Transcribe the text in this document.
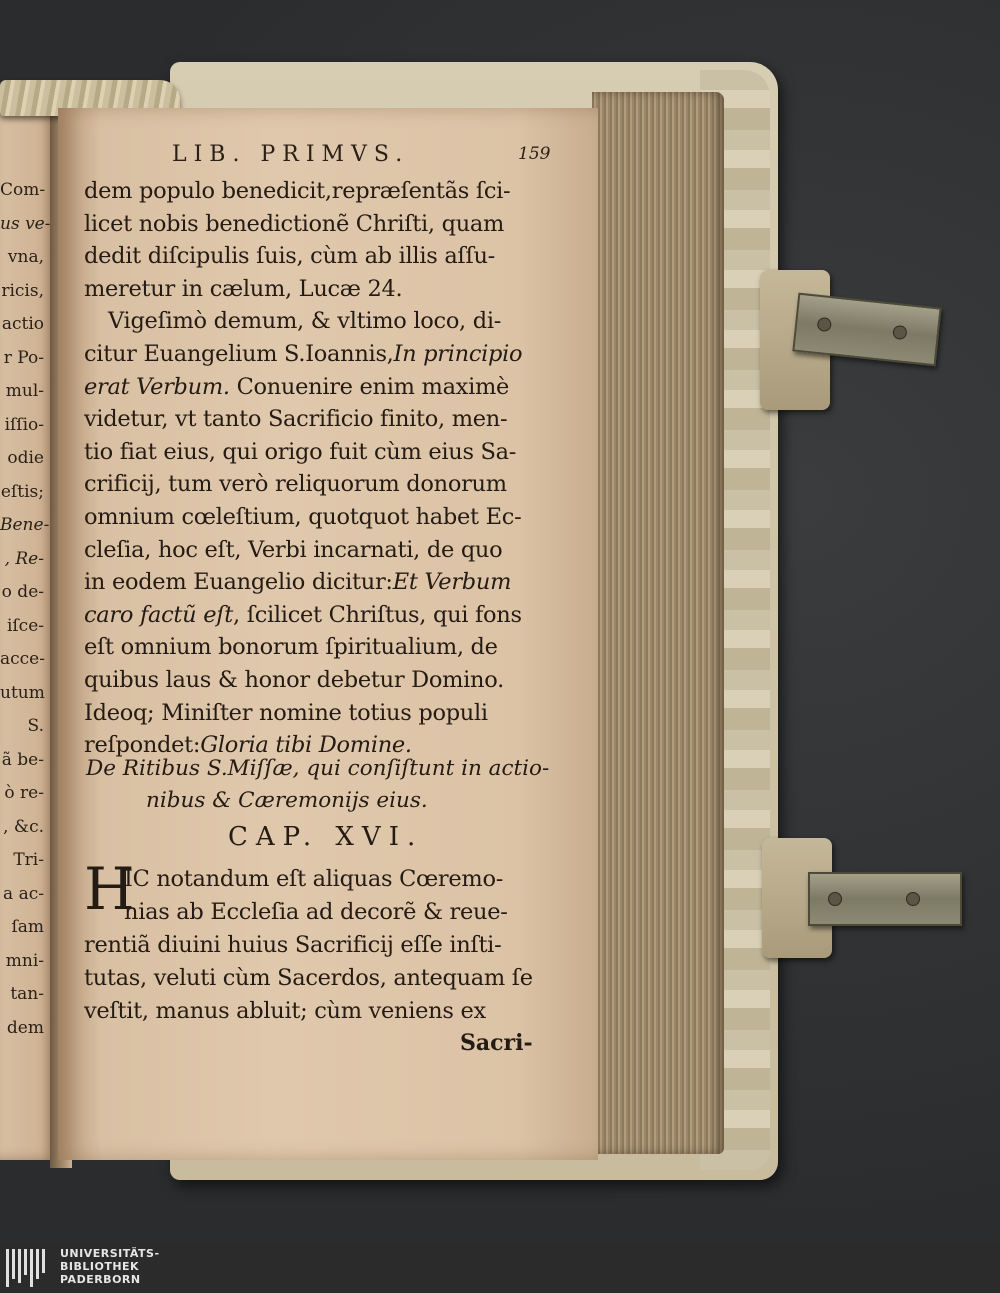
Com-
us ve-
vna,
ricis,
actio
r Po-
mul-
iſſio-
odie
eſtis;
Bene-
, Re-
o de-
iſce-
acce-
utum
S.
ã be-
ò re-
, &c.
Tri-
a ac-
ſam
mni-
tan-
dem
LIB. PRIMVS.	159
dem populo benedicit,repræſentãs ſci-
licet nobis benedictionẽ Chriſti, quam
dedit diſcipulis ſuis, cùm ab illis aſſu-
meretur in cælum, Lucæ 24.
Vigeſimò demum, & vltimo loco, di-
citur Euangelium S.Ioannis,In principio
erat Verbum. Conuenire enim maximè
videtur, vt tanto Sacrificio finito, men-
tio fiat eius, qui origo fuit cùm eius Sa-
crificij, tum verò reliquorum donorum
omnium cœleſtium, quotquot habet Ec-
cleſia, hoc eſt, Verbi incarnati, de quo
in eodem Euangelio dicitur:Et Verbum
caro factũ eſt, ſcilicet Chriſtus, qui fons
eſt omnium bonorum ſpiritualium, de
quibus laus & honor debetur Domino.
Ideoq; Miniſter nomine totius populi
reſpondet:Gloria tibi Domine.
De Ritibus S.Miſſæ, qui conſiſtunt in actio-
nibus & Cæremonijs eius.
CAP. XVI.
H
IC notandum eſt aliquas Cœremo-
nias ab Eccleſia ad decorẽ & reue-
rentiã diuini huius Sacrificij eſſe inſti-
tutas, veluti cùm Sacerdos, antequam ſe
veſtit, manus abluit; cùm veniens ex
Sacri-
UNIVERSITÄTS-
BIBLIOTHEK
PADERBORN
